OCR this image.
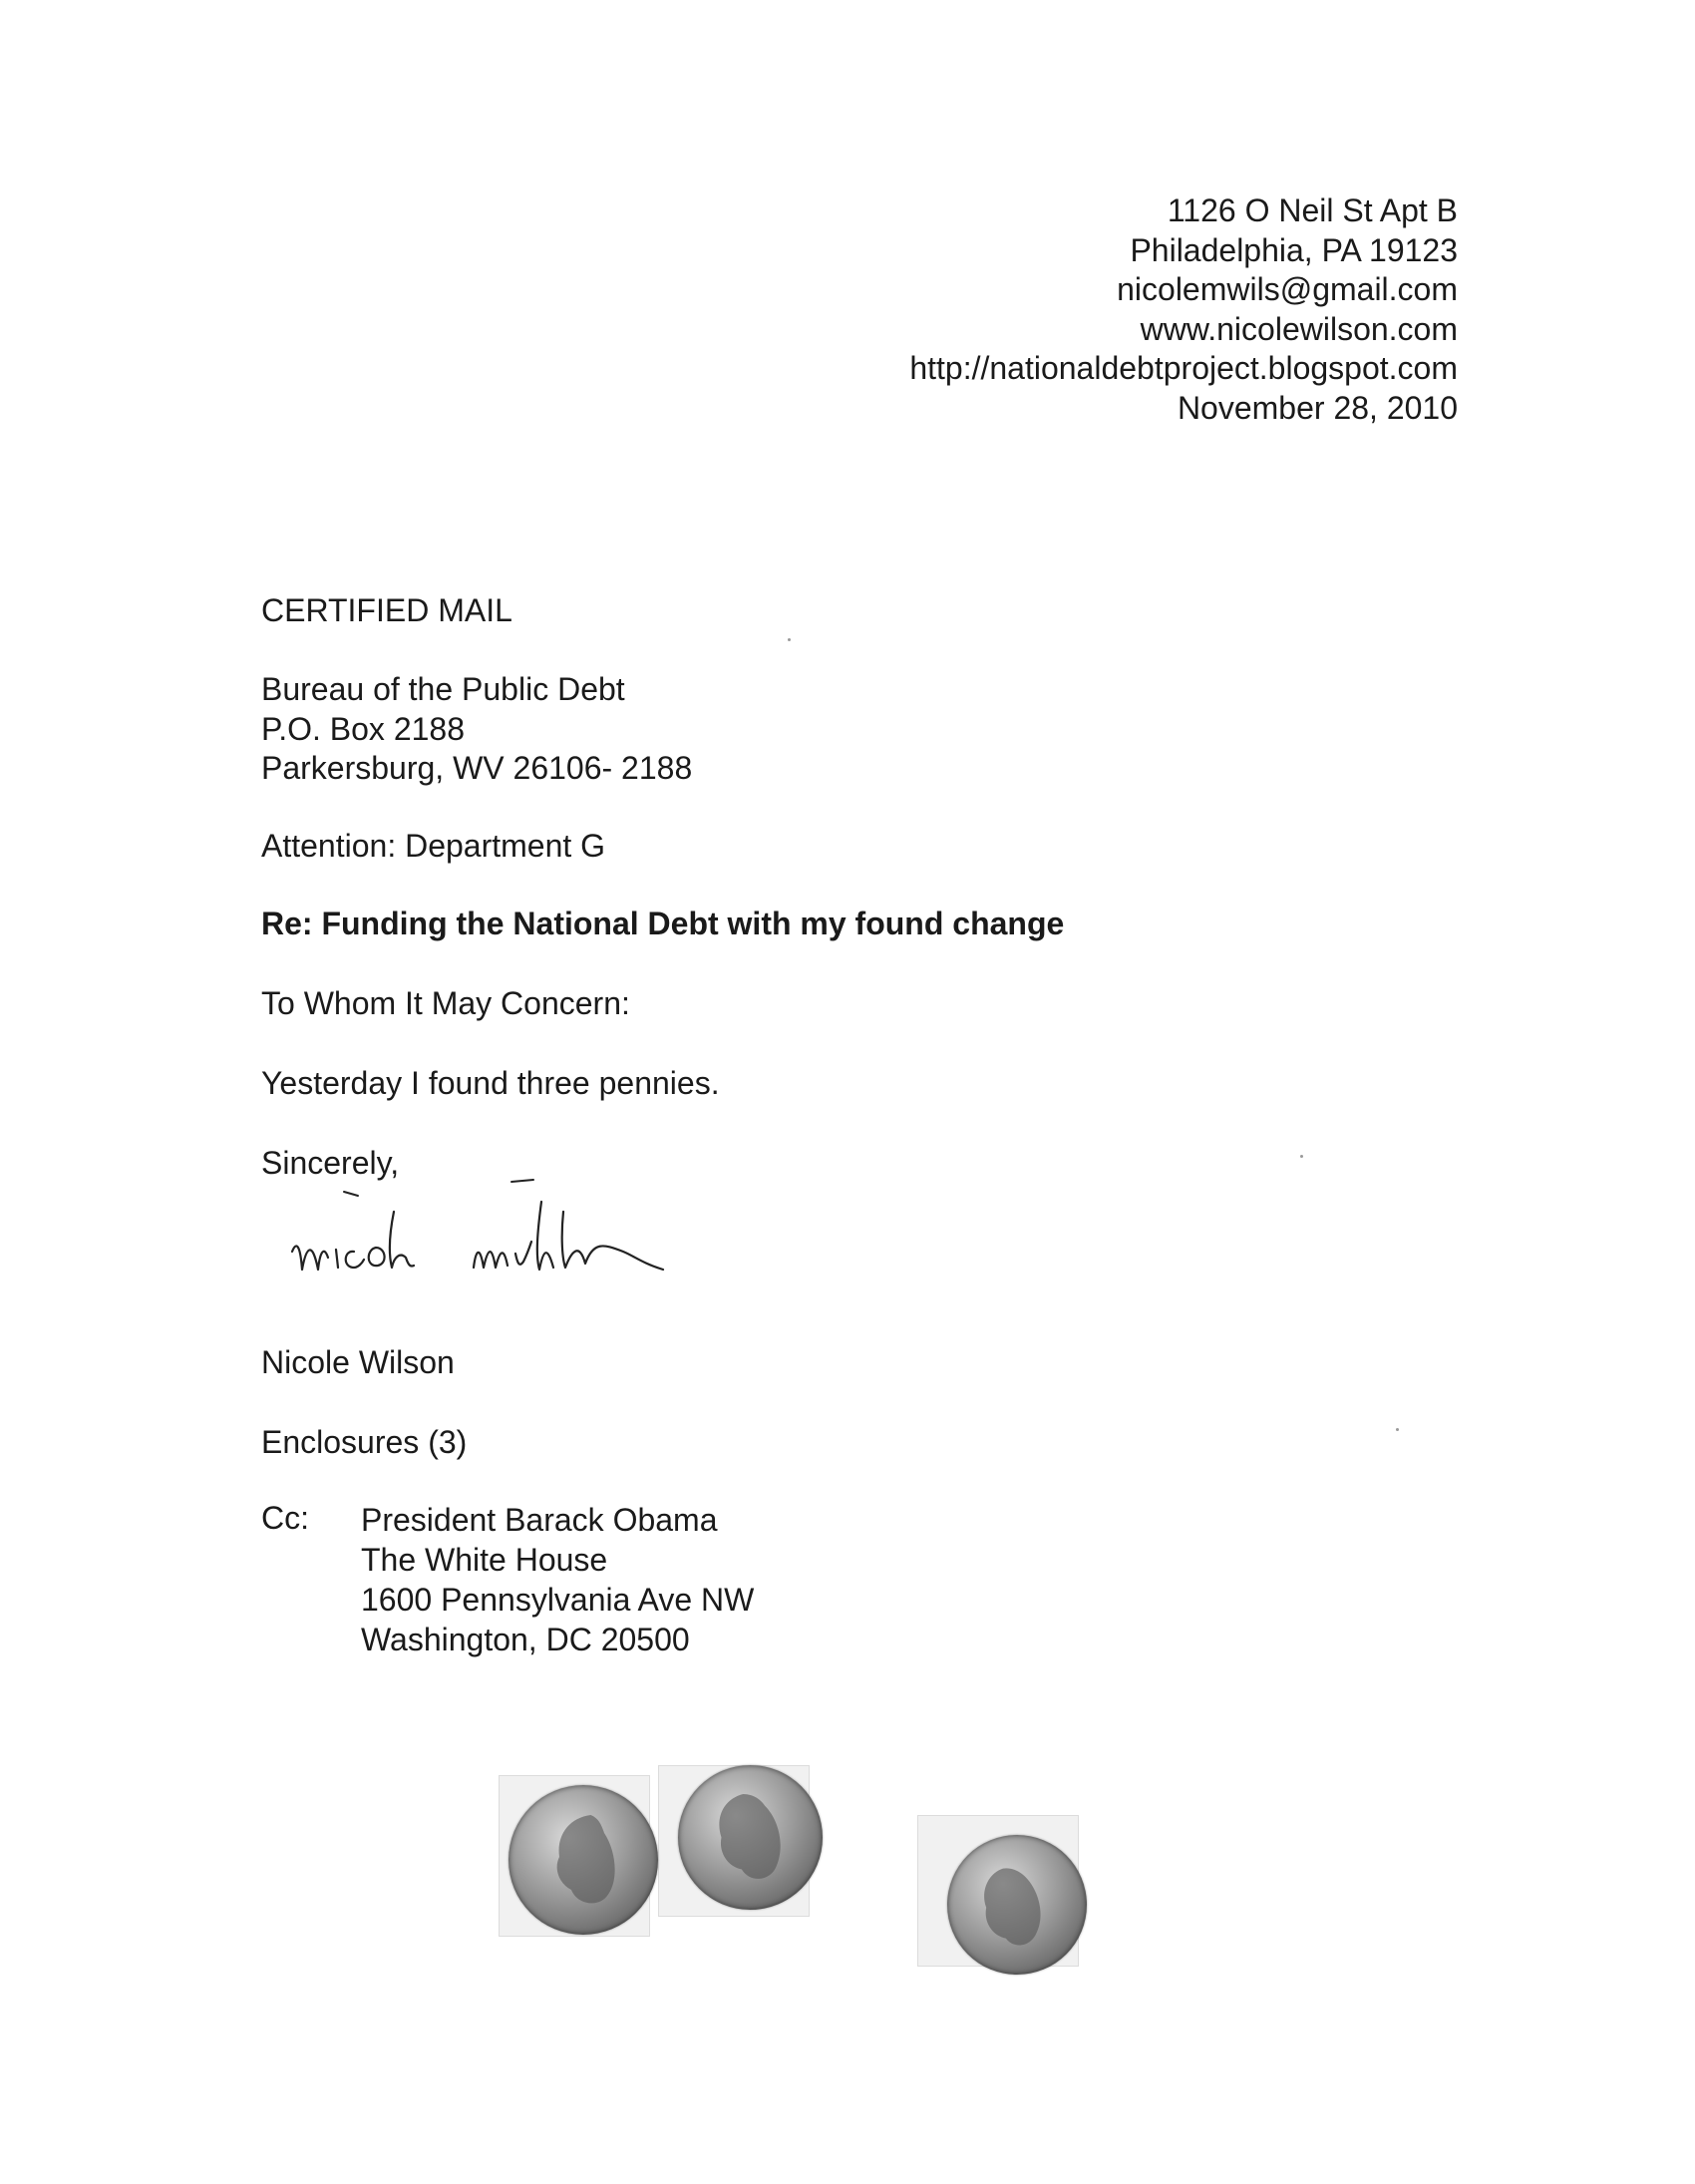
1126 O Neil St Apt B
Philadelphia, PA 19123
nicolemwils@gmail.com
www.nicolewilson.com
http://nationaldebtproject.blogspot.com
November 28, 2010
CERTIFIED MAIL
Bureau of the Public Debt
P.O. Box 2188
Parkersburg, WV 26106- 2188
Attention: Department G
Re: Funding the National Debt with my found change
To Whom It May Concern:
Yesterday I found three pennies.
Sincerely,
Nicole Wilson
Enclosures (3)
Cc:	President Barack Obama
The White House
1600 Pennsylvania Ave NW
Washington, DC 20500
